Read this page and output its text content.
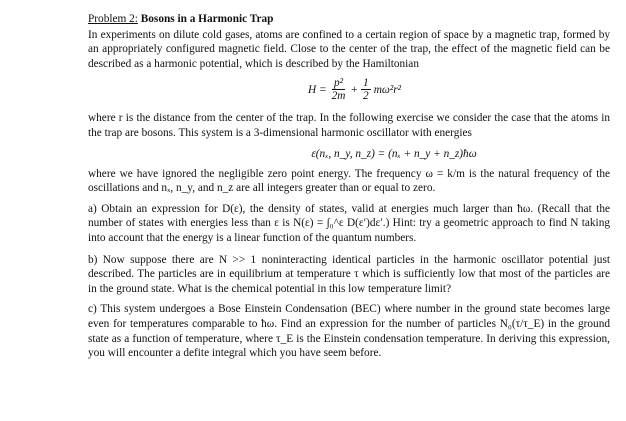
Problem 2: Bosons in a Harmonic Trap

In experiments on dilute cold gases, atoms are confined to a certain region of space by a magnetic trap, formed by an appropriately configured magnetic field. Close to the center of the trap, the effect of the magnetic field can be described as a harmonic potential, which is described by the Hamiltonian

$H = \frac{\text{p²}}{2m} + \frac{1}{2} m\omega^2r^2$

where r is the distance from the center of the trap. In the following exercise we consider the case that the atoms in the trap are bosons. This system is a 3-dimensional harmonic oscillator with energies

ε(nₓ, n_y, n_z) = (nₓ + n_y + n_z)ħω

where we have ignored the negligible zero point energy. The frequency ω = k/m is the natural frequency of the oscillations and nₓ, n_y, and n_z are all integers greater than or equal to zero.

a) Obtain an expression for D(ε), the density of states, valid at energies much larger than ħω. (Recall that the number of states with energies less than ε is N(ε) = ∫₀^ε D(ε′)dε′.) Hint: try a geometric approach to find N taking into account that the energy is a linear function of the quantum numbers.

b) Now suppose there are N >> 1 noninteracting identical particles in the harmonic oscillator potential just described. The particles are in equilibrium at temperature τ which is sufficiently low that most of the particles are in the ground state. What is the chemical potential in this low temperature limit?

c) This system undergoes a Bose Einstein Condensation (BEC) where number in the ground state becomes large even for temperatures comparable to ħω. Find an expression for the number of particles N₀(τ/τ_E) in the ground state as a function of temperature, where τ_E is the Einstein condensation temperature. In deriving this expression, you will encounter a defite integral which you have seem before.
